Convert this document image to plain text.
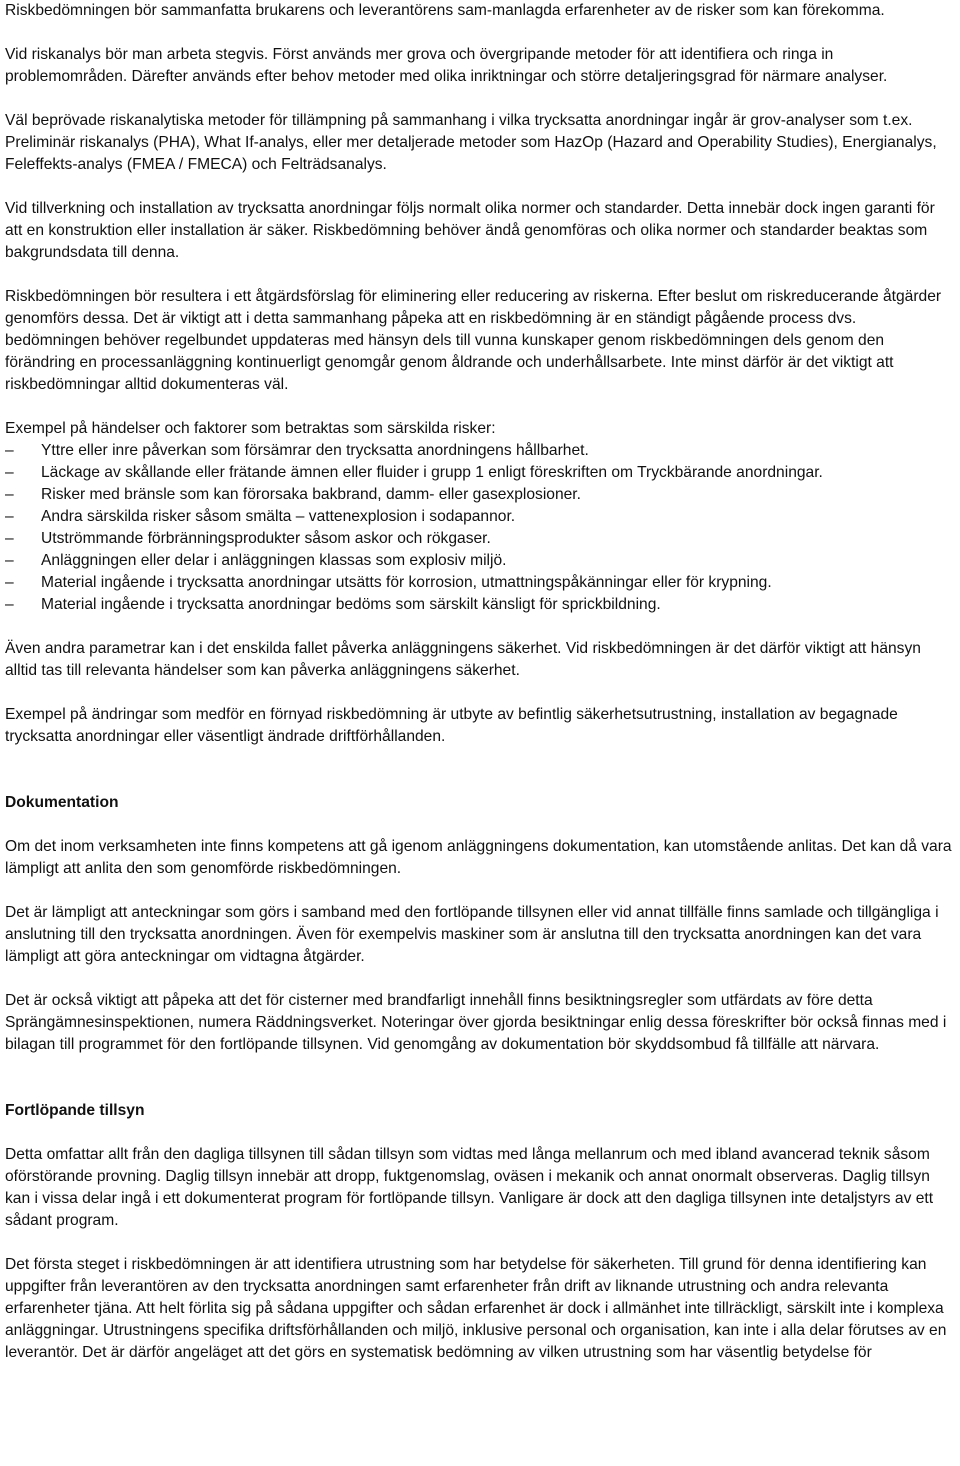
Riskbedömningen bör sammanfatta brukarens och leverantörens sam-manlagda erfarenheter av de risker som kan förekomma.

Vid riskanalys bör man arbeta stegvis. Först används mer grova och övergripande metoder för att identifiera och ringa in problemområden. Därefter används efter behov metoder med olika inriktningar och större detaljeringsgrad för närmare analyser.

Väl beprövade riskanalytiska metoder för tillämpning på sammanhang i vilka trycksatta anordningar ingår är grov-analyser som t.ex. Preliminär riskanalys (PHA), What If-analys, eller mer detaljerade metoder som HazOp (Hazard and Operability Studies), Energianalys, Feleffekts-analys (FMEA / FMECA) och Felträdsanalys.

Vid tillverkning och installation av trycksatta anordningar följs normalt olika normer och standarder. Detta innebär dock ingen garanti för att en konstruktion eller installation är säker. Riskbedömning behöver ändå genomföras och olika normer och standarder beaktas som bakgrundsdata till denna.

Riskbedömningen bör resultera i ett åtgärdsförslag för eliminering eller reducering av riskerna. Efter beslut om riskreducerande åtgärder genomförs dessa. Det är viktigt att i detta sammanhang påpeka att en riskbedömning är en ständigt pågående process dvs. bedömningen behöver regelbundet uppdateras med hänsyn dels till vunna kunskaper genom riskbedömningen dels genom den förändring en processanläggning kontinuerligt genomgår genom åldrande och underhållsarbete. Inte minst därför är det viktigt att riskbedömningar alltid dokumenteras väl.

Exempel på händelser och faktorer som betraktas som särskilda risker:

–	Yttre eller inre påverkan som försämrar den trycksatta anordningens hållbarhet.
–	Läckage av skållande eller frätande ämnen eller fluider i grupp 1 enligt föreskriften om Tryckbärande anordningar.
–	Risker med bränsle som kan förorsaka bakbrand, damm- eller gasexplosioner.
–	Andra särskilda risker såsom smälta – vattenexplosion i sodapannor.
–	Utströmmande förbränningsprodukter såsom askor och rökgaser.
–	Anläggningen eller delar i anläggningen klassas som explosiv miljö.
–	Material ingående i trycksatta anordningar utsätts för korrosion, utmattningspåkänningar eller för krypning.
–	Material ingående i trycksatta anordningar bedöms som särskilt känsligt för sprickbildning.

Även andra parametrar kan i det enskilda fallet påverka anläggningens säkerhet. Vid riskbedömningen är det därför viktigt att hänsyn alltid tas till relevanta händelser som kan påverka anläggningens säkerhet.

Exempel på ändringar som medför en förnyad riskbedömning är utbyte av befintlig säkerhetsutrustning, installation av begagnade trycksatta anordningar eller väsentligt ändrade driftförhållanden.

Dokumentation

Om det inom verksamheten inte finns kompetens att gå igenom anläggningens dokumentation, kan utomstående anlitas. Det kan då vara lämpligt att anlita den som genomförde riskbedömningen.

Det är lämpligt att anteckningar som görs i samband med den fortlöpande tillsynen eller vid annat tillfälle finns samlade och tillgängliga i anslutning till den trycksatta anordningen. Även för exempelvis maskiner som är anslutna till den trycksatta anordningen kan det vara lämpligt att göra anteckningar om vidtagna åtgärder.

Det är också viktigt att påpeka att det för cisterner med brandfarligt innehåll finns besiktningsregler som utfärdats av före detta Sprängämnesinspektionen, numera Räddningsverket. Noteringar över gjorda besiktningar enlig dessa föreskrifter bör också finnas med i bilagan till programmet för den fortlöpande tillsynen. Vid genomgång av dokumentation bör skyddsombud få tillfälle att närvara.

Fortlöpande tillsyn

Detta omfattar allt från den dagliga tillsynen till sådan tillsyn som vidtas med långa mellanrum och med ibland avancerad teknik såsom oförstörande provning. Daglig tillsyn innebär att dropp, fuktgenomslag, oväsen i mekanik och annat onormalt observeras. Daglig tillsyn kan i vissa delar ingå i ett dokumenterat program för fortlöpande tillsyn. Vanligare är dock att den dagliga tillsynen inte detaljstyrs av ett sådant program.

Det första steget i riskbedömningen är att identifiera utrustning som har betydelse för säkerheten. Till grund för denna identifiering kan uppgifter från leverantören av den trycksatta anordningen samt erfarenheter från drift av liknande utrustning och andra relevanta erfarenheter tjäna. Att helt förlita sig på sådana uppgifter och sådan erfarenhet är dock i allmänhet inte tillräckligt, särskilt inte i komplexa anläggningar. Utrustningens specifika driftsförhållanden och miljö, inklusive personal och organisation, kan inte i alla delar förutses av en leverantör. Det är därför angeläget att det görs en systematisk bedömning av vilken utrustning som har väsentlig betydelse för
